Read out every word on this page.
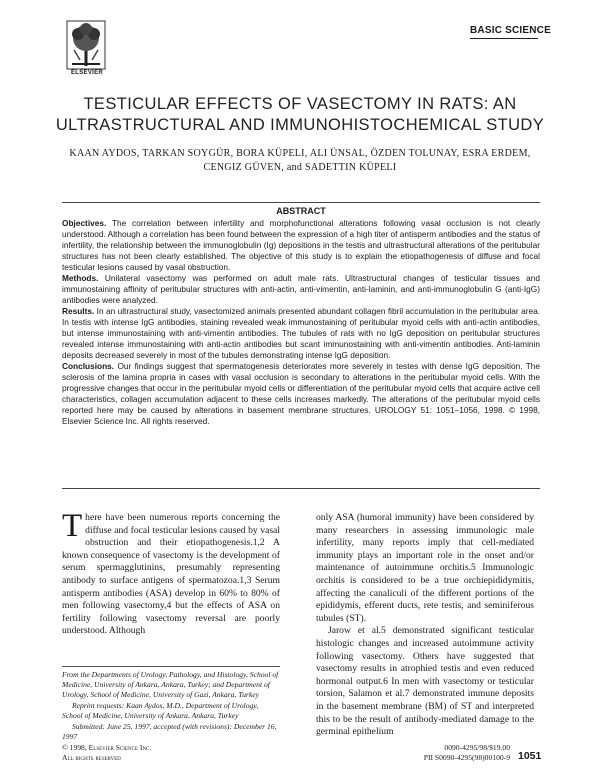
ELSEVIER
BASIC SCIENCE
TESTICULAR EFFECTS OF VASECTOMY IN RATS: AN ULTRASTRUCTURAL AND IMMUNOHISTOCHEMICAL STUDY
KAAN AYDOS, TARKAN SOYGÜR, BORA KÜPELI, ALI ÜNSAL, ÖZDEN TOLUNAY, ESRA ERDEM,
CENGIZ GÜVEN, and SADETTIN KÜPELI
ABSTRACT

Objectives. The correlation between infertility and morphofunctional alterations following vasal occlusion is not clearly understood. Although a correlation has been found between the expression of a high titer of antisperm antibodies and the status of infertility, the relationship between the immunoglobulin (Ig) depositions in the testis and ultrastructural alterations of the peritubular structures has not been clearly established. The objective of this study is to explain the etiopathogenesis of diffuse and focal testicular lesions caused by vasal obstruction.

Methods. Unilateral vasectomy was performed on adult male rats. Ultrastructural changes of testicular tissues and immunostaining affinity of peritubular structures with anti-actin, anti-vimentin, anti-laminin, and anti-immunoglobulin G (anti-IgG) antibodies were analyzed.

Results. In an ultrastructural study, vasectomized animals presented abundant collagen fibril accumulation in the peritubular area. In testis with intense IgG antibodies, staining revealed weak immunostaining of peritubular myoid cells with anti-actin antibodies, but intense immunostaining with anti-vimentin antibodies. The tubules of rats with no IgG deposition on peritubular structures revealed intense immunostaining with anti-actin antibodies but scant immunostaining with anti-vimentin antibodies. Anti-laminin deposits decreased severely in most of the tubules demonstrating intense IgG deposition.

Conclusions. Our findings suggest that spermatogenesis deteriorates more severely in testes with dense IgG deposition. The sclerosis of the lamina propria in cases with vasal occlusion is secondary to alterations in the peritubular myoid cells. With the progressive changes that occur in the peritubular myoid cells or differentiation of the peritubular myoid cells that acquire active cell characteristics, collagen accumulation adjacent to these cells increases markedly. The alterations of the peritubular myoid cells reported here may be caused by alterations in basement membrane structures. UROLOGY 51: 1051–1056, 1998. © 1998, Elsevier Science Inc. All rights reserved.

There have been numerous reports concerning the diffuse and focal testicular lesions caused by vasal obstruction and their etiopathogenesis.1,2 A known consequence of vasectomy is the development of serum spermagglutinins, presumably representing antibody to surface antigens of spermatozoa.1,3 Serum antisperm antibodies (ASA) develop in 60% to 80% of men following vasectomy,4 but the effects of ASA on fertility following vasectomy reversal are poorly understood. Although

only ASA (humoral immunity) have been considered by many researchers in assessing immunologic male infertility, many reports imply that cell-mediated immunity plays an important role in the onset and/or maintenance of autoimmune orchitis.5 Immunologic orchitis is considered to be a true orchiepididymitis, affecting the canaliculi of the different portions of the epididymis, efferent ducts, rete testis, and seminiferous tubules (ST).

Jarow et al.5 demonstrated significant testicular histologic changes and increased autoimmune activity following vasectomy. Others have suggested that vasectomy results in atrophied testis and even reduced hormonal output.6 In men with vasectomy or testicular torsion, Salamon et al.7 demonstrated immune deposits in the basement membrane (BM) of ST and interpreted this to be the result of antibody-mediated damage to the germinal epithelium

From the Departments of Urology, Pathology, and Histology, School of Medicine, University of Ankara, Ankara, Turkey; and Department of Urology, School of Medicine, University of Gazi, Ankara, Turkey

Reprint requests: Kaan Aydos, M.D., Department of Urology, School of Medicine, University of Ankara, Ankara, Turkey

Submitted: June 25, 1997, accepted (with revisions): December 16, 1997

© 1998, Elsevier Science Inc.
All rights reserved
0090-4295/98/$19.00
PII S0090-4295(98)00100-9 1051
